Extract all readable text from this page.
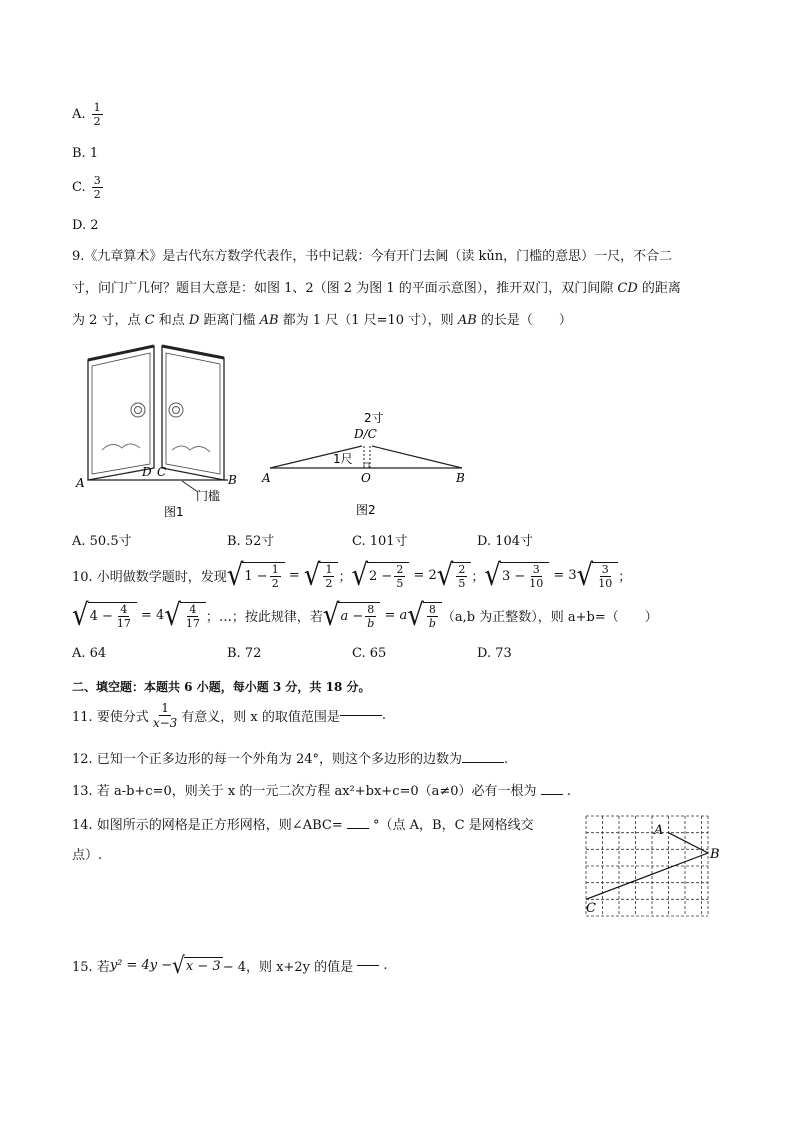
A. $\frac{1}{2}$
B. 1
C. $\frac{3}{2}$
D. 2
9.《九章算术》是古代东方数学代表作，书中记载：今有开门去阃（读 kǔn，门槛的意思）一尺，不合二
寸，问门广几何？题目大意是：如图 1、2（图 2 为图 1 的平面示意图），推开双门，双门间隙 CD 的距离
为 2 寸，点 C 和点 D 距离门槛 AB 都为 1 尺（1 尺=10 寸），则 AB 的长是（　　）
A
D C
B
门槛
图1
2寸
D/C
1尺
A	O	B
图2
A. 50.5寸	B. 52寸	C. 101寸	D. 104寸
10. 小明做数学题时，发现 √ $1 - \frac{1}{2}$ = √ $\frac{1}{2}$ ； √ $2 - \frac{2}{5} = 2$ √ $\frac{2}{5}$ ； √ $3 - \frac{3}{10} = 3$ √ $\frac{3}{10}$ ；
√ $4 - \frac{4}{17} = 4$ √ $\frac{4}{17}$ ；…；按此规律，若 √ $a - \frac{8}{b} = a$ √ $\frac{8}{b} (a,b$ 为正整数），则 a+b=（　　）
A. 64	B. 72	C. 65	D. 73
二、填空题：本题共 6 小题，每小题 3 分，共 18 分。
11. 要使分式 $\frac{1}{x-3}$ 有意义，则 x 的取值范围是	.
12. 已知一个正多边形的每一个外角为 24°，则这个多边形的边数为	.
13. 若 a-b+c=0，则关于 x 的一元二次方程 ax²+bx+c=0（a≠0）必有一根为 .
14. 如图所示的网格是正方形网格，则∠ABC= °（点 A，B，C 是网格线交
点）.
A
B
C
15. 若 y² = 4y − √ x − 3 − 4，则 x+2y 的值是

.
